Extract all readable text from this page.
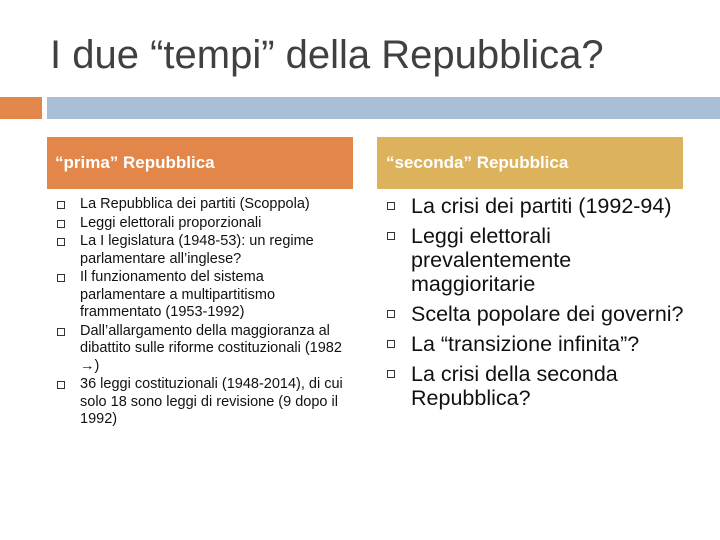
I due “tempi” della Repubblica?
“prima” Repubblica	“seconda” Repubblica
La Repubblica dei partiti (Scoppola)
Leggi elettorali proporzionali
La I legislatura (1948-53): un regime parlamentare all’inglese?
Il funzionamento del sistema parlamentare a multipartitismo frammentato (1953-1992)
Dall’allargamento della maggioranza al dibattito sulle riforme costituzionali (1982 →)
36 leggi costituzionali (1948-2014), di cui solo 18 sono leggi di revisione (9 dopo il 1992)
La crisi dei partiti (1992-94)
Leggi elettorali prevalentemente maggioritarie
Scelta popolare dei governi?
La “transizione infinita”?
La crisi della seconda Repubblica?
